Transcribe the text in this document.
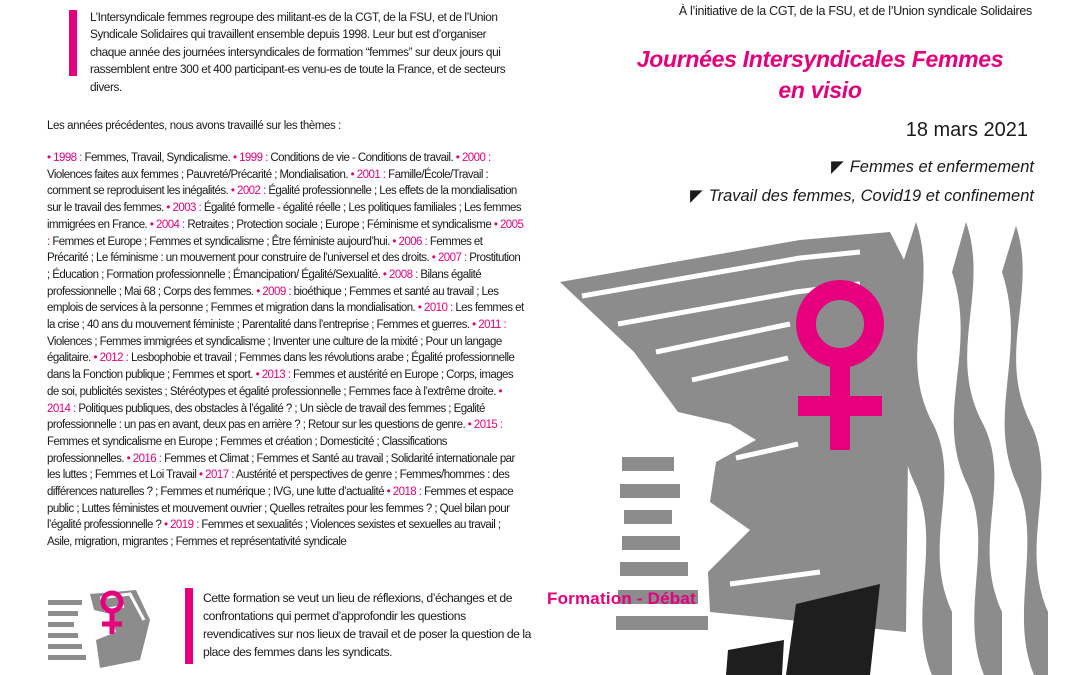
L’Intersyndicale femmes regroupe des militant-es de la CGT, de la FSU, et de l’Union Syndicale Solidaires qui travaillent ensemble depuis 1998. Leur but est d’organiser chaque année des journées intersyndicales de formation “femmes” sur deux jours qui rassemblent entre 300 et 400 participant-es venu-es de toute la France, et de secteurs divers.
Les années précédentes, nous avons travaillé sur les thèmes :
• 1998 : Femmes, Travail, Syndicalisme. • 1999 : Conditions de vie - Conditions de travail. • 2000 : Violences faites aux femmes ; Pauvreté/Précarité ; Mondialisation. • 2001 : Famille/École/Travail : comment se reproduisent les inégalités. • 2002 : Égalité professionnelle ; Les effets de la mondialisation sur le travail des femmes. • 2003 : Égalité formelle - égalité réelle ; Les politiques familiales ; Les femmes immigrées en France. • 2004 : Retraites ; Protection sociale ; Europe ; Féminisme et syndicalisme • 2005 : Femmes et Europe ; Femmes et syndicalisme ; Être féministe aujourd’hui. • 2006 : Femmes et Précarité ; Le féminisme : un mouvement pour construire de l’universel et des droits. • 2007 : Prostitution ; Éducation ; Formation professionnelle ; Émancipation/ Égalité/Sexualité. • 2008 : Bilans égalité professionnelle ; Mai 68 ; Corps des femmes. • 2009 : bioéthique ; Femmes et santé au travail ; Les emplois de services à la personne ; Femmes et migration dans la mondialisation. • 2010 : Les femmes et la crise ; 40 ans du mouvement féministe ; Parentalité dans l’entreprise ; Femmes et guerres. • 2011 : Violences ; Femmes immigrées et syndicalisme ; Inventer une culture de la mixité ; Pour un langage égalitaire. • 2012 : Lesbophobie et travail ; Femmes dans les révolutions arabe ; Égalité professionnelle dans la Fonction publique ; Femmes et sport. • 2013 : Femmes et austérité en Europe ; Corps, images de soi, publicités sexistes ; Stéréotypes et égalité professionnelle ; Femmes face à l’extrême droite. • 2014 : Politiques publiques, des obstacles à l’égalité ? ; Un siècle de travail des femmes ; Egalité professionnelle : un pas en avant, deux pas en arrière ? ; Retour sur les questions de genre. • 2015 : Femmes et syndicalisme en Europe ; Femmes et création ; Domesticité ; Classifications professionnelles. • 2016 : Femmes et Climat ; Femmes et Santé au travail ; Solidarité internationale par les luttes ; Femmes et Loi Travail • 2017 : Austérité et perspectives de genre ; Femmes/hommes : des différences naturelles ? ; Femmes et numérique ; IVG, une lutte d’actualité • 2018 : Femmes et espace public ; Luttes féministes et mouvement ouvrier ; Quelles retraites pour les femmes ? ; Quel bilan pour l’égalité professionnelle ? • 2019 : Femmes et sexualités ; Violences sexistes et sexuelles au travail ; Asile, migration, migrantes ; Femmes et représentativité syndicale
Cette formation se veut un lieu de réflexions, d’échanges et de confrontations qui permet d’approfondir les questions revendicatives sur nos lieux de travail et de poser la question de la place des femmes dans les syndicats.
À l’initiative de la CGT, de la FSU, et de l’Union syndicale Solidaires
Journées Intersyndicales Femmes
en visio
18 mars 2021
◤ Femmes et enfermement
◤ Travail des femmes, Covid19 et confinement
Formation - Débat
